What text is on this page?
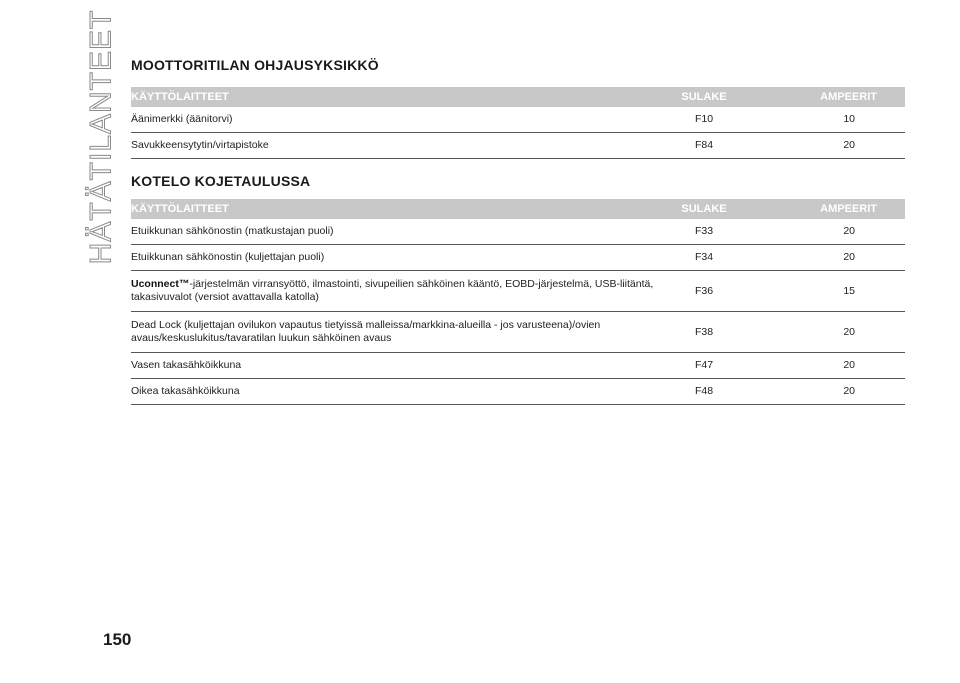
HÄTÄTILANTEET MOOTTORITILAN OHJAUSYKSIKKÖ
KÄYTTÖLAITTEET	SULAKE	AMPEERIT
Äänimerkki (äänitorvi)	F10	10
Savukkeensytytin/virtapistoke	F84	20
KOTELO KOJETAULUSSA
KÄYTTÖLAITTEET	SULAKE	AMPEERIT
Etuikkunan sähkönostin (matkustajan puoli)	F33	20
Etuikkunan sähkönostin (kuljettajan puoli)	F34	20
Uconnect™-järjestelmän virransyöttö, ilmastointi, sivupeilien sähköinen kääntö, EOBD-järjestelmä, USB-liitäntä, takasivuvalot (versiot avattavalla katolla)	F36	15
Dead Lock (kuljettajan ovilukon vapautus tietyissä malleissa/markkina-alueilla - jos varusteena)/ovien avaus/keskuslukitus/tavaratilan luukun sähköinen avaus	F38	20
Vasen takasähköikkuna	F47	20
Oikea takasähköikkuna	F48	20
150
